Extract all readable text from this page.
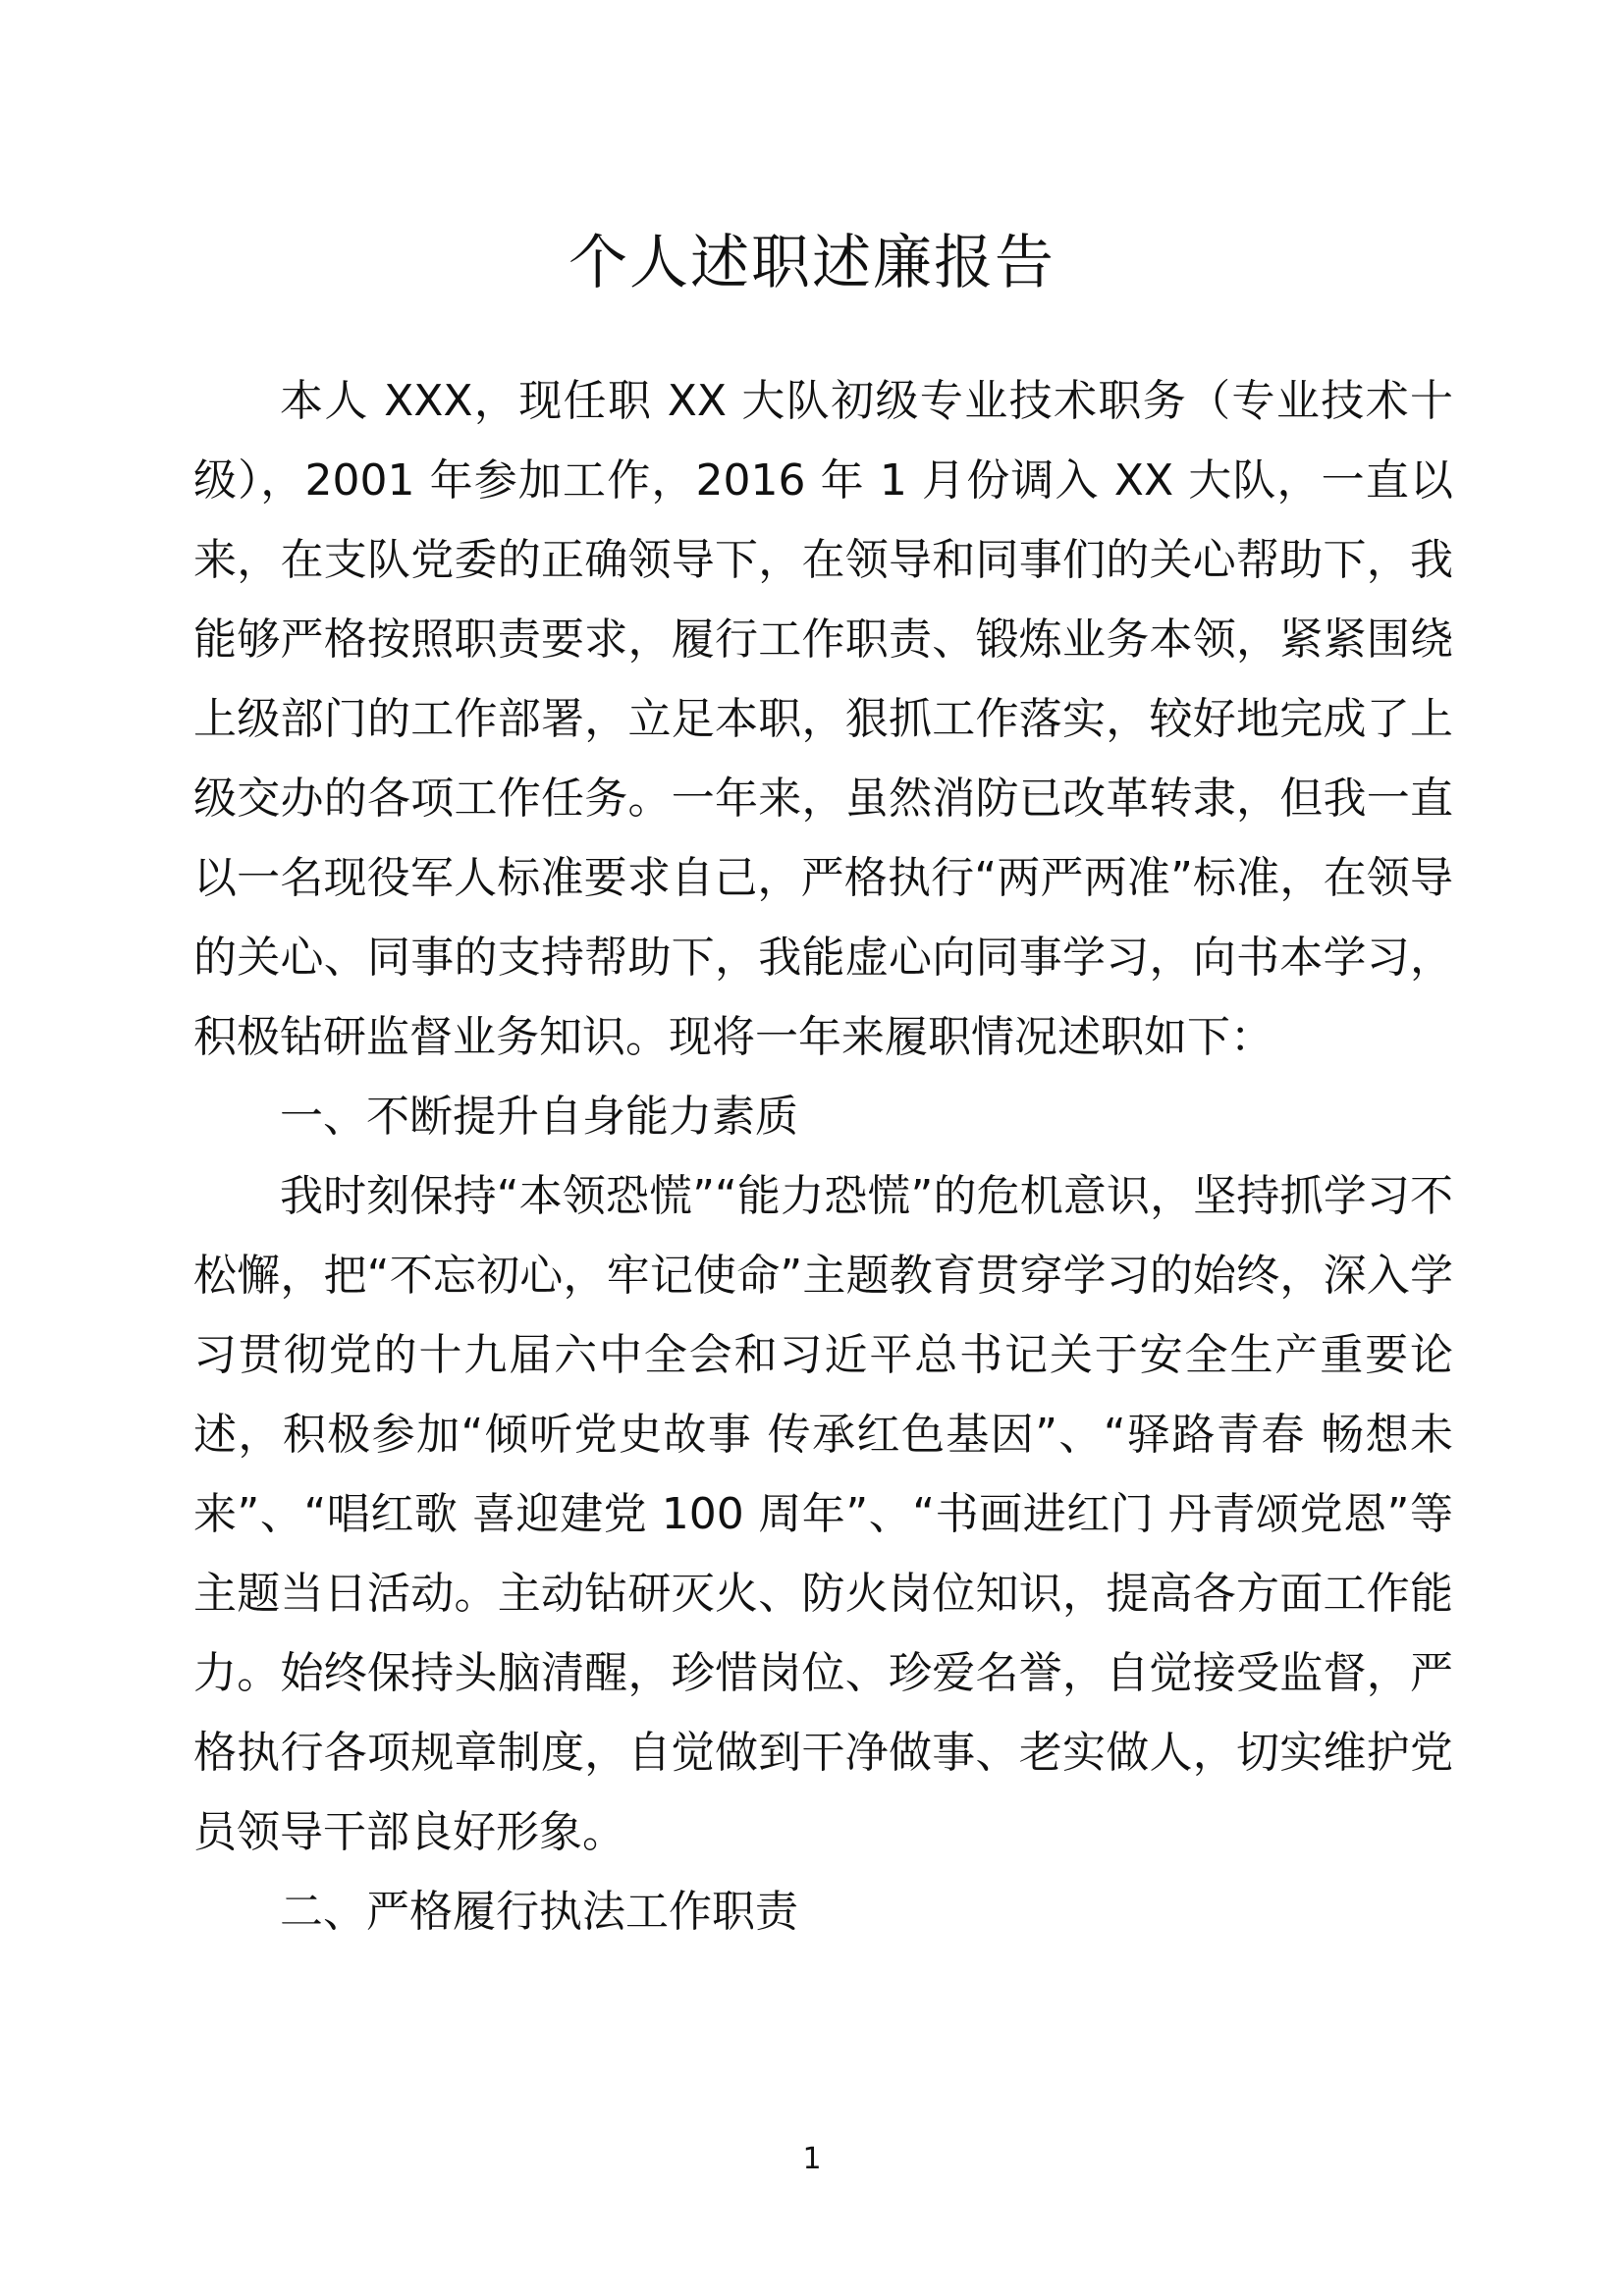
个人述职述廉报告

本人 XXX，现任职 XX 大队初级专业技术职务（专业技术十级），2001 年参加工作，2016 年 1 月份调入 XX 大队，一直以来，在支队党委的正确领导下，在领导和同事们的关心帮助下，我能够严格按照职责要求，履行工作职责、锻炼业务本领，紧紧围绕上级部门的工作部署，立足本职，狠抓工作落实，较好地完成了上级交办的各项工作任务。一年来，虽然消防已改革转隶，但我一直以一名现役军人标准要求自己，严格执行“两严两准”标准，在领导的关心、同事的支持帮助下，我能虚心向同事学习，向书本学习，积极钻研监督业务知识。现将一年来履职情况述职如下：

一、不断提升自身能力素质

我时刻保持“本领恐慌”“能力恐慌”的危机意识，坚持抓学习不松懈，把“不忘初心，牢记使命”主题教育贯穿学习的始终，深入学习贯彻党的十九届六中全会和习近平总书记关于安全生产重要论述，积极参加“倾听党史故事 传承红色基因”、“驿路青春 畅想未来”、“唱红歌 喜迎建党 100 周年”、“书画进红门 丹青颂党恩”等主题当日活动。主动钻研灭火、防火岗位知识，提高各方面工作能力。始终保持头脑清醒，珍惜岗位、珍爱名誉，自觉接受监督，严格执行各项规章制度，自觉做到干净做事、老实做人，切实维护党员领导干部良好形象。

二、严格履行执法工作职责

1
